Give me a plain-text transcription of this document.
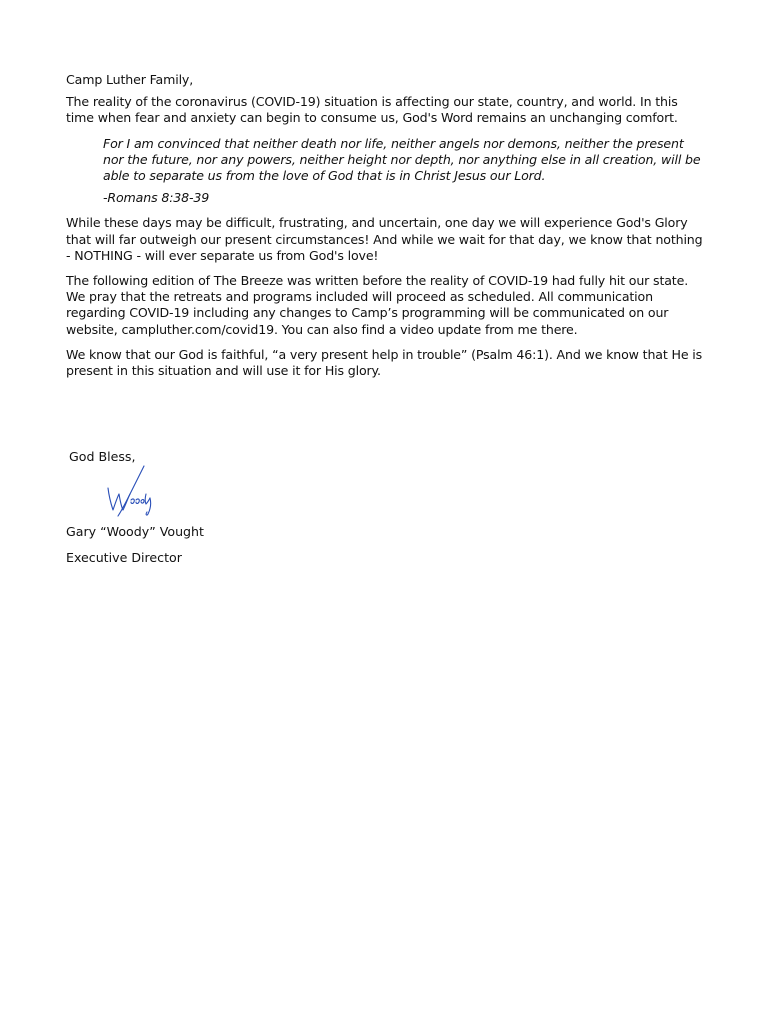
Camp Luther Family,

The reality of the coronavirus (COVID-19) situation is affecting our state, country, and world. In this time when fear and anxiety can begin to consume us, God's Word remains an unchanging comfort.

For I am convinced that neither death nor life, neither angels nor demons, neither the present nor the future, nor any powers, neither height nor depth, nor anything else in all creation, will be able to separate us from the love of God that is in Christ Jesus our Lord.

-Romans 8:38-39

While these days may be difficult, frustrating, and uncertain, one day we will experience God's Glory that will far outweigh our present circumstances! And while we wait for that day, we know that nothing - NOTHING - will ever separate us from God's love!

The following edition of The Breeze was written before the reality of COVID-19 had fully hit our state. We pray that the retreats and programs included will proceed as scheduled. All communication regarding COVID-19 including any changes to Camp’s programming will be communicated on our website, campluther.com/covid19. You can also find a video update from me there.

We know that our God is faithful, “a very present help in trouble” (Psalm 46:1). And we know that He is present in this situation and will use it for His glory.

God Bless,
Gary “Woody” Vought
Executive Director
